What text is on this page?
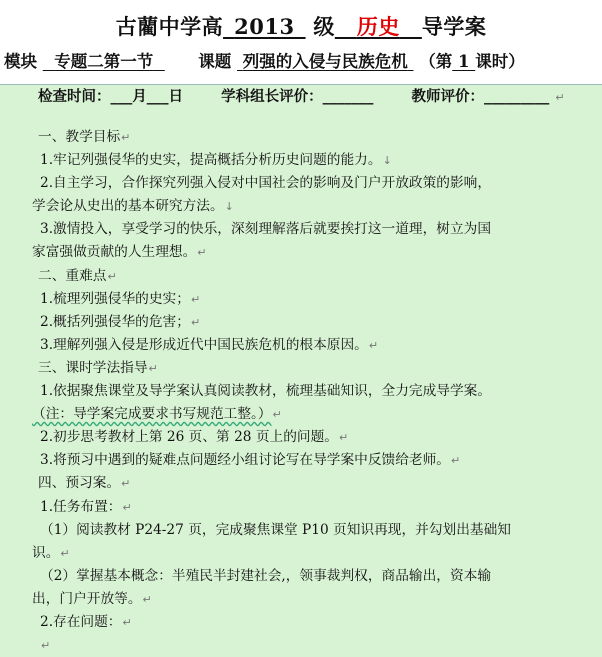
古藺中学高_2013_ 级__历史__导学案
模块 专题二第一节	课题 列强的入侵与民族危机 （第 1 课时）
检查时间：___月___日	学科组长评价：_______	教师评价：_________ ↵
一、教学目标↵
1.牢记列强侵华的史实，提高概括分析历史问题的能力。↓
2.自主学习，合作探究列强入侵对中国社会的影响及门户开放政策的影响，
学会论从史出的基本研究方法。↓
3.激情投入，享受学习的快乐，深刻理解落后就要挨打这一道理，树立为国
家富强做贡献的人生理想。↵
二、重难点↵
1.梳理列强侵华的史实；↵
2.概括列强侵华的危害；↵
3.理解列强入侵是形成近代中国民族危机的根本原因。↵
三、课时学法指导↵
1.依据聚焦课堂及导学案认真阅读教材，梳理基础知识，全力完成导学案。
（注：导学案完成要求书写规范工整。）↵
2.初步思考教材上第 26 页、第 28 页上的问题。↵
3.将预习中遇到的疑难点问题经小组讨论写在导学案中反馈给老师。↵
四、预习案。↵
1.任务布置：↵
（1）阅读教材 P24-27 页，完成聚焦课堂 P10 页知识再现，并勾划出基础知
识。↵
（2）掌握基本概念：半殖民半封建社会,，领事裁判权，商品输出，资本输
出，门户开放等。↵
2.存在问题：↵
↵
